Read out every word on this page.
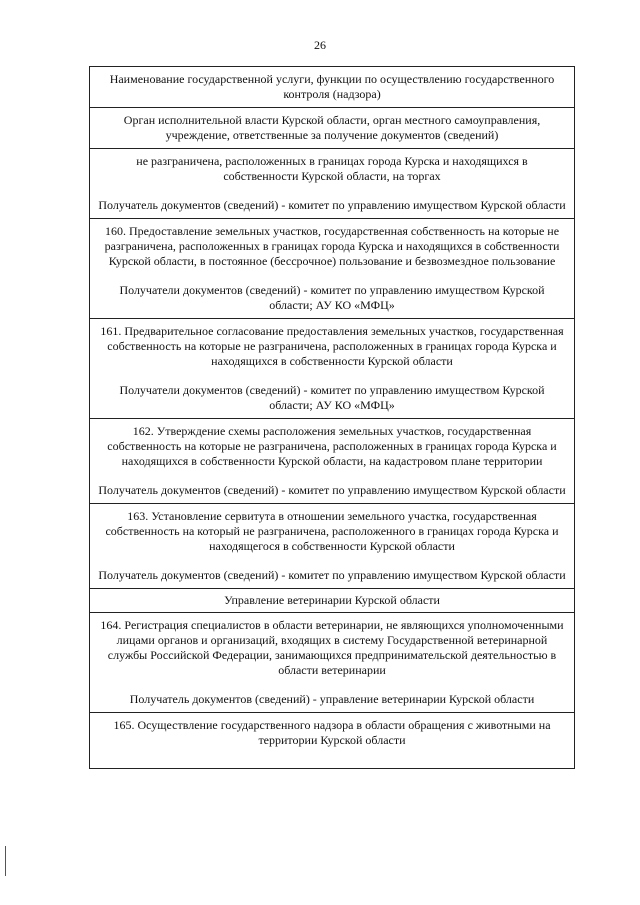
26
Наименование государственной услуги, функции по осуществлению государственного контроля (надзора)
Орган исполнительной власти Курской области, орган местного самоуправления, учреждение, ответственные за получение документов (сведений)
не разграничена, расположенных в границах города Курска и находящихся в собственности Курской области, на торгах
Получатель документов (сведений) - комитет по управлению имуществом Курской области
160. Предоставление земельных участков, государственная собственность на которые не разграничена, расположенных в границах города Курска и находящихся в собственности Курской области, в постоянное (бессрочное) пользование и безвозмездное пользование
Получатели документов (сведений) - комитет по управлению имуществом Курской области; АУ КО «МФЦ»
161. Предварительное согласование предоставления земельных участков, государственная собственность на которые не разграничена, расположенных в границах города Курска и находящихся в собственности Курской области
Получатели документов (сведений) - комитет по управлению имуществом Курской области; АУ КО «МФЦ»
162. Утверждение схемы расположения земельных участков, государственная собственность на которые не разграничена, расположенных в границах города Курска и находящихся в собственности Курской области, на кадастровом плане территории
Получатель документов (сведений) - комитет по управлению имуществом Курской области
163. Установление сервитута в отношении земельного участка, государственная собственность на который не разграничена, расположенного в границах города Курска и находящегося в собственности Курской области
Получатель документов (сведений) - комитет по управлению имуществом Курской области
Управление ветеринарии Курской области
164. Регистрация специалистов в области ветеринарии, не являющихся уполномоченными лицами органов и организаций, входящих в систему Государственной ветеринарной службы Российской Федерации, занимающихся предпринимательской деятельностью в области ветеринарии
Получатель документов (сведений) - управление ветеринарии Курской области
165. Осуществление государственного надзора в области обращения с животными на территории Курской области
